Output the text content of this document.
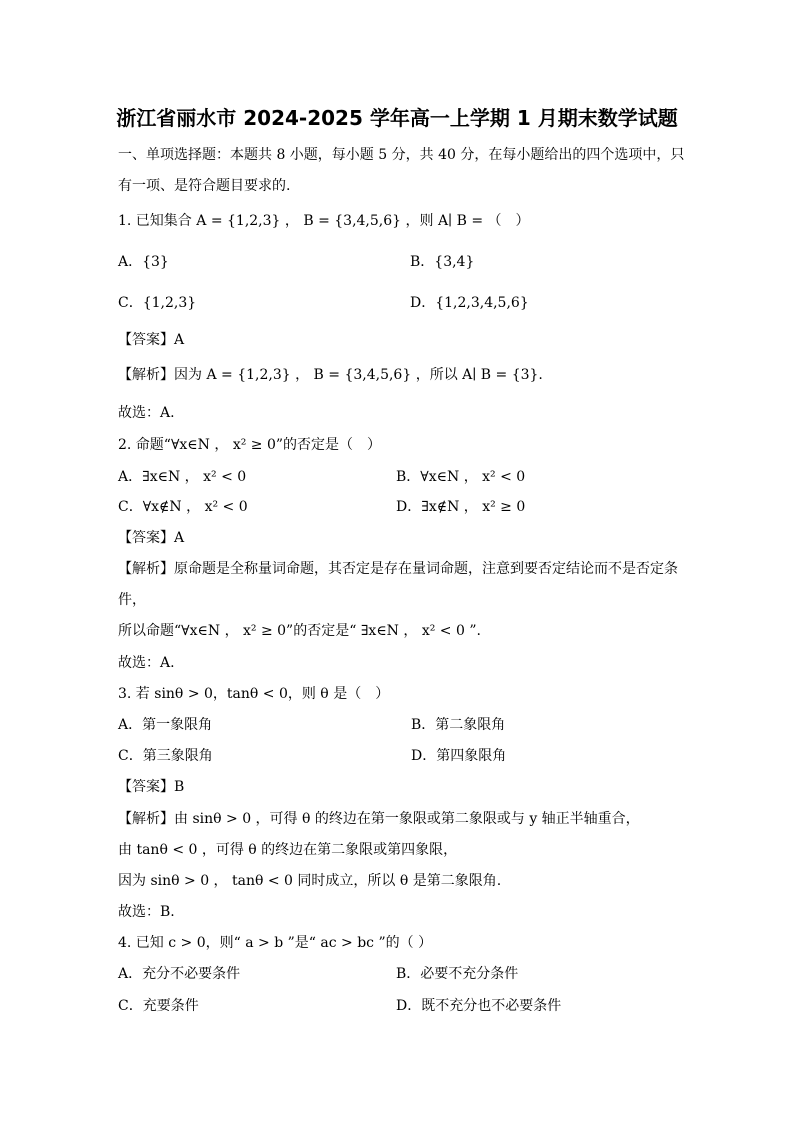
浙江省丽水市 2024-2025 学年高一上学期 1 月期末数学试题
一、单项选择题：本题共 8 小题，每小题 5 分，共 40 分，在每小题给出的四个选项中，只
有一项、是符合题目要求的.
1. 已知集合 A = {1,2,3} ， B = {3,4,5,6} ，则 A∣ B = （　）
A．{3}	B．{3,4}
C．{1,2,3}	D．{1,2,3,4,5,6}
【答案】A
【解析】因为 A = {1,2,3} ， B = {3,4,5,6} ，所以 A∣ B = {3}.
故选：A.
2. 命题“∀x∈N ， x² ≥ 0”的否定是（　）
A．∃x∈N ， x² < 0	B．∀x∈N ， x² < 0
C．∀x∉N ， x² < 0	D．∃x∉N ， x² ≥ 0
【答案】A
【解析】原命题是全称量词命题，其否定是存在量词命题，注意到要否定结论而不是否定条
件，
所以命题“∀x∈N ， x² ≥ 0”的否定是“ ∃x∈N ， x² < 0 ”.
故选：A.
3. 若 sinθ > 0，tanθ < 0，则 θ 是（　）
A．第一象限角	B．第二象限角
C．第三象限角	D．第四象限角
【答案】B
【解析】由 sinθ > 0 ，可得 θ 的终边在第一象限或第二象限或与 y 轴正半轴重合，
由 tanθ < 0 ，可得 θ 的终边在第二象限或第四象限，
因为 sinθ > 0 ， tanθ < 0 同时成立，所以 θ 是第二象限角.
故选：B.
4. 已知 c > 0，则“ a > b ”是“ ac > bc ”的（ ）
A．充分不必要条件	B．必要不充分条件
C．充要条件	D．既不充分也不必要条件
